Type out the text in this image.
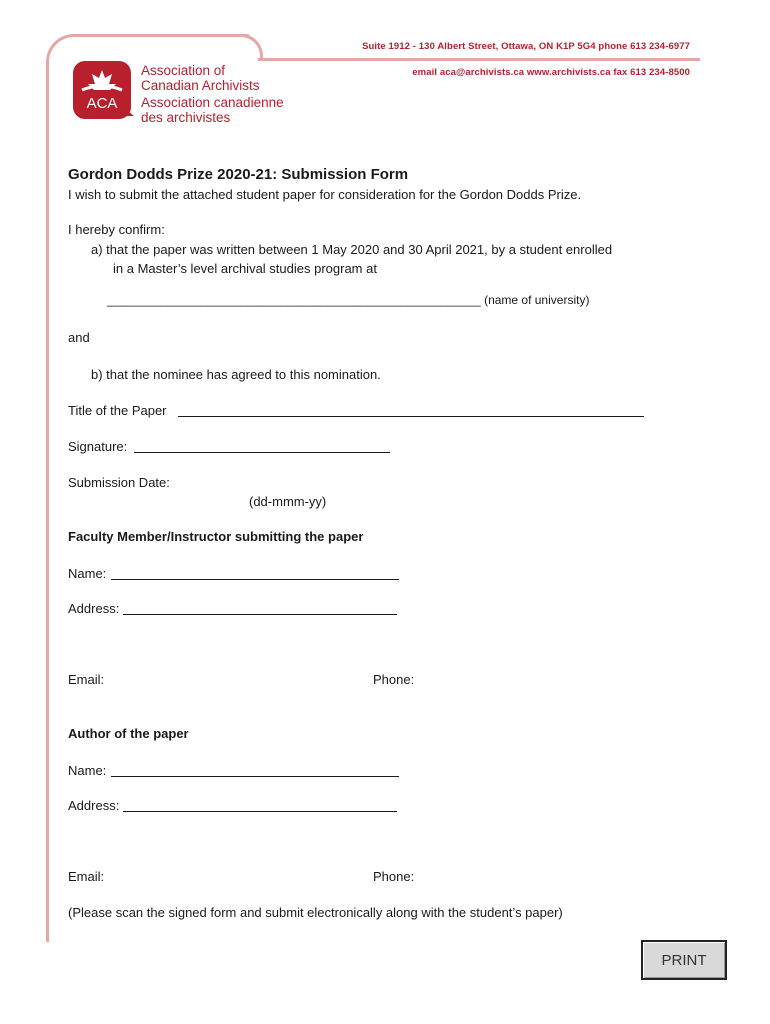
Suite 1912 - 130 Albert Street, Ottawa, ON K1P 5G4 phone 613 234-6977
email aca@archivists.ca www.archivists.ca fax 613 234-8500
ACA
Association of
Canadian Archivists
Association canadienne
des archivistes
Gordon Dodds Prize 2020-21: Submission Form
I wish to submit the attached student paper for consideration for the Gordon Dodds Prize.
I hereby confirm:
a) that the paper was written between 1 May 2020 and 30 April 2021, by a student enrolled
in a Master’s level archival studies program at
________________________________________________________ (name of university)
and
b) that the nominee has agreed to this nomination.
Title of the Paper
Signature:
Submission Date:
(dd-mmm-yy)
Faculty Member/Instructor submitting the paper
Name:
Address:
Email:	Phone:
Author of the paper
Name:
Address:
Email:	Phone:
(Please scan the signed form and submit electronically along with the student’s paper)
PRINT
